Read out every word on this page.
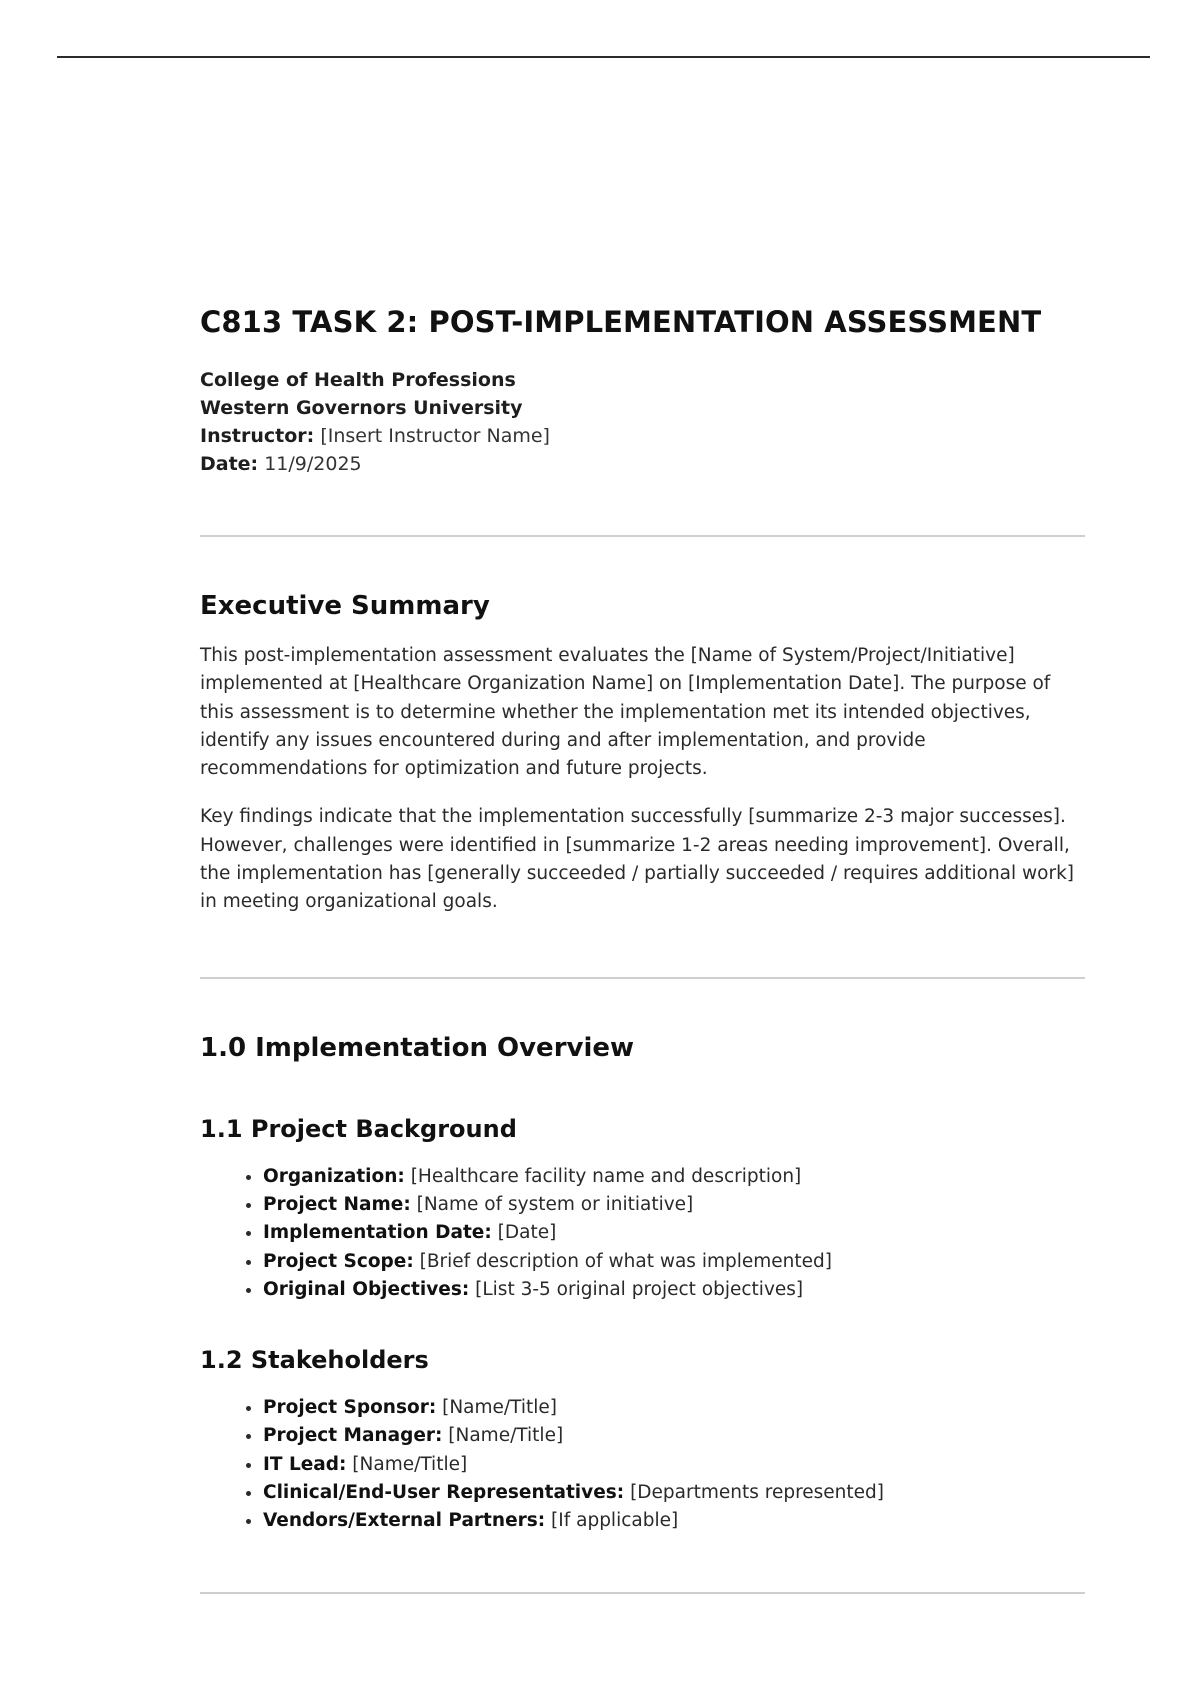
C813 TASK 2: POST-IMPLEMENTATION ASSESSMENT
College of Health Professions
Western Governors University
Instructor: [Insert Instructor Name]
Date: 11/9/2025
Executive Summary

This post-implementation assessment evaluates the [Name of System/Project/Initiative] implemented at [Healthcare Organization Name] on [Implementation Date]. The purpose of this assessment is to determine whether the implementation met its intended objectives, identify any issues encountered during and after implementation, and provide recommendations for optimization and future projects.

Key findings indicate that the implementation successfully [summarize 2-3 major successes]. However, challenges were identified in [summarize 1-2 areas needing improvement]. Overall, the implementation has [generally succeeded / partially succeeded / requires additional work] in meeting organizational goals.

1.0 Implementation Overview
1.1 Project Background
• Organization: [Healthcare facility name and description]
• Project Name: [Name of system or initiative]
• Implementation Date: [Date]
• Project Scope: [Brief description of what was implemented]
• Original Objectives: [List 3-5 original project objectives]
1.2 Stakeholders
• Project Sponsor: [Name/Title]
• Project Manager: [Name/Title]
• IT Lead: [Name/Title]
• Clinical/End-User Representatives: [Departments represented]
• Vendors/External Partners: [If applicable]
